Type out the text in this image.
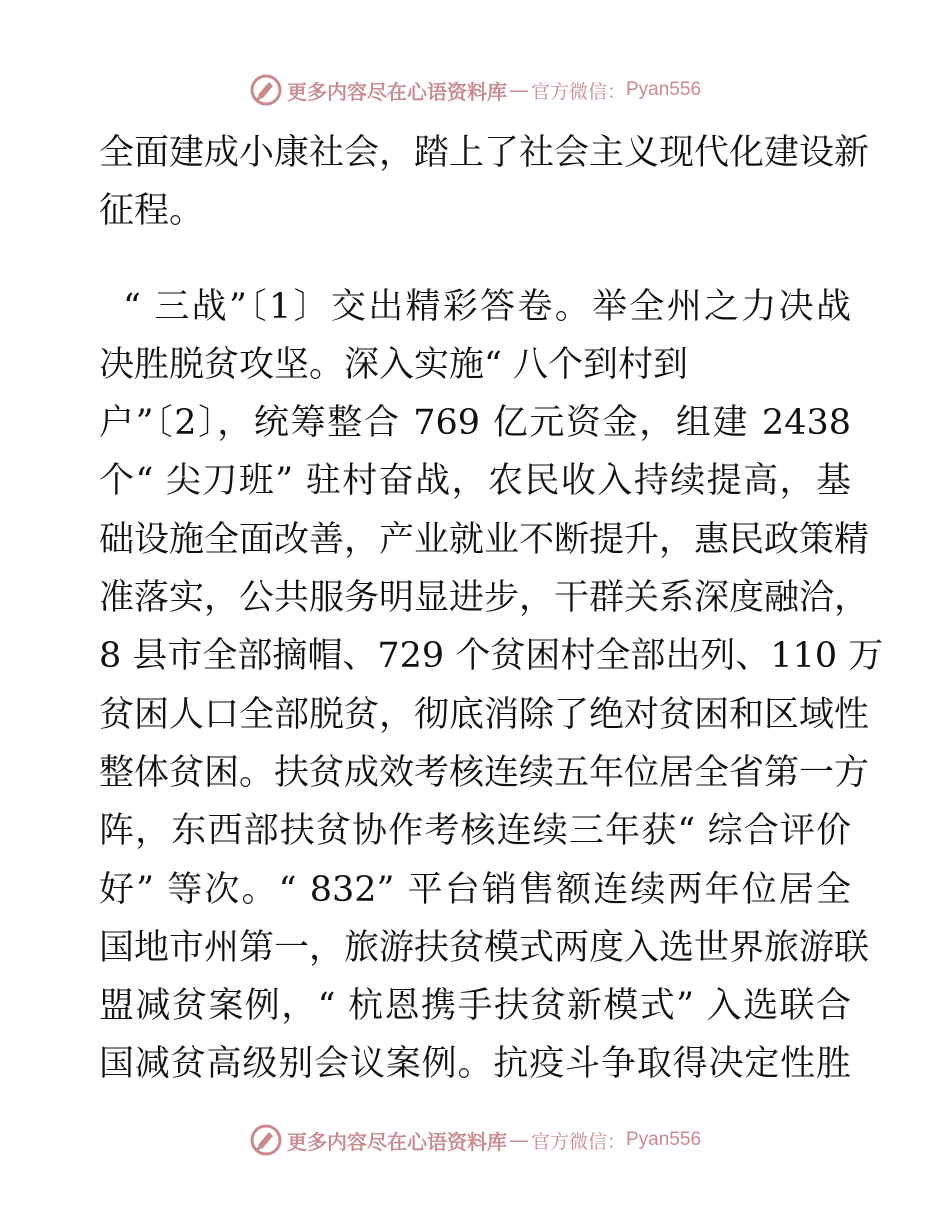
更多内容尽在心语资料库 — 官方微信： Pyan556
全面建成小康社会，踏上了社会主义现代化建设新
征程。
“ 三战”〔1〕交出精彩答卷。举全州之力决战
决胜脱贫攻坚。深入实施“ 八个到村到
户”〔2〕，统筹整合 769 亿元资金，组建 2438
个“ 尖刀班” 驻村奋战，农民收入持续提高，基
础设施全面改善，产业就业不断提升，惠民政策精
准落实，公共服务明显进步，干群关系深度融洽，
8 县市全部摘帽、729 个贫困村全部出列、110 万
贫困人口全部脱贫，彻底消除了绝对贫困和区域性
整体贫困。扶贫成效考核连续五年位居全省第一方
阵，东西部扶贫协作考核连续三年获“ 综合评价
好” 等次。“ 832” 平台销售额连续两年位居全
国地市州第一，旅游扶贫模式两度入选世界旅游联
盟减贫案例，“ 杭恩携手扶贫新模式” 入选联合
国减贫高级别会议案例。抗疫斗争取得决定性胜
更多内容尽在心语资料库 — 官方微信： Pyan556
